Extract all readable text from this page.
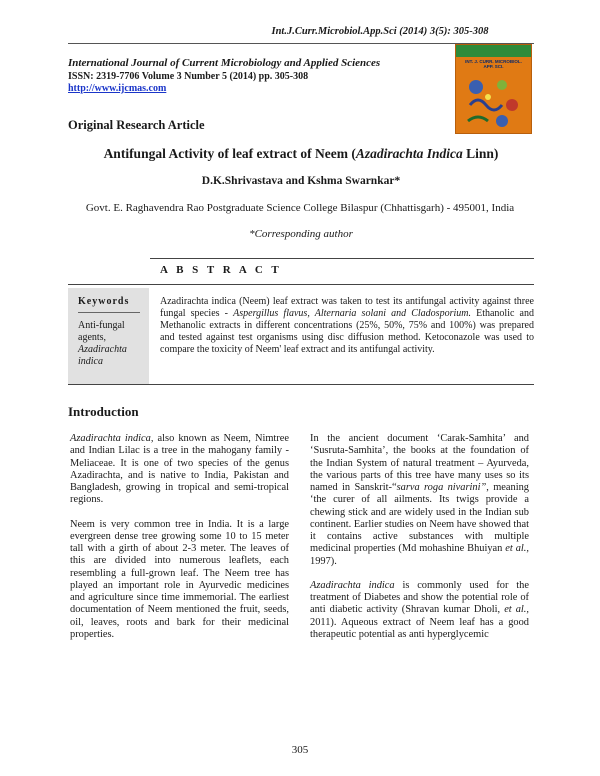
Int.J.Curr.Microbiol.App.Sci (2014) 3(5): 305-308
International Journal of Current Microbiology and Applied Sciences
ISSN: 2319-7706 Volume 3 Number 5 (2014) pp. 305-308
http://www.ijcmas.com
INT. J. CURR. MICROBIOL. APP. SCI.
Original Research Article
Antifungal Activity of leaf extract of Neem (Azadirachta Indica Linn)
D.K.Shrivastava and Kshma Swarnkar*
Govt. E. Raghavendra Rao Postgraduate Science College Bilaspur (Chhattisgarh) - 495001, India
*Corresponding author
A B S T R A C T
Keywords
Anti-fungal agents,
Azadirachta indica
Azadirachta indica (Neem) leaf extract was taken to test its antifungal activity against three fungal species - Aspergillus flavus, Alternaria solani and Cladosporium. Ethanolic and Methanolic extracts in different concentrations (25%, 50%, 75% and 100%) was prepared and tested against test organisms using disc diffusion method. Ketoconazole was used to compare the toxicity of Neem' leaf extract and its antifungal activity.
Introduction

Azadirachta indica, also known as Neem, Nimtree and Indian Lilac is a tree in the mahogany family - Meliaceae. It is one of two species of the genus Azadirachta, and is native to India, Pakistan and Bangladesh, growing in tropical and semi-tropical regions.

Neem is very common tree in India. It is a large evergreen dense tree growing some 10 to 15 meter tall with a girth of about 2-3 meter. The leaves of this are divided into numerous leaflets, each resembling a full-grown leaf. The Neem tree has played an important role in Ayurvedic medicines and agriculture since time immemorial. The earliest documentation of Neem mentioned the fruit, seeds, oil, leaves, roots and bark for their medicinal properties.

In the ancient document ‘Carak-Samhita’ and ‘Susruta-Samhita’, the books at the foundation of the Indian System of natural treatment – Ayurveda, the various parts of this tree have many uses so its named in Sanskrit-“sarva roga nivarini”, meaning ‘the curer of all ailments. Its twigs provide a chewing stick and are widely used in the Indian sub continent. Earlier studies on Neem have showed that it contains active substances with multiple medicinal properties (Md mohashine Bhuiyan et al., 1997).

Azadirachta indica is commonly used for the treatment of Diabetes and show the potential role of anti diabetic activity (Shravan kumar Dholi, et al., 2011). Aqueous extract of Neem leaf has a good therapeutic potential as anti hyperglycemic

305
